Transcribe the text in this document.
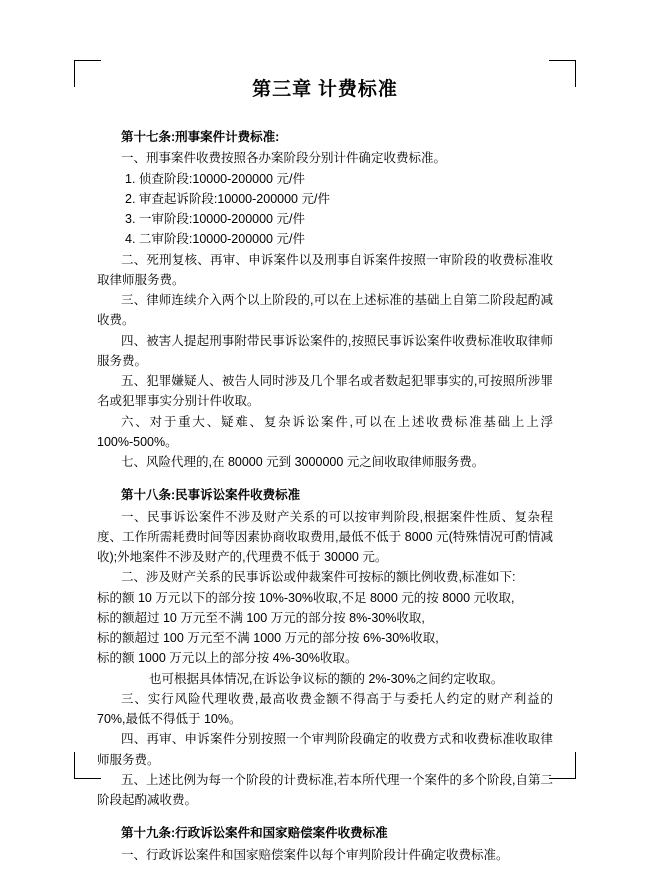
第三章 计费标准
第十七条:刑事案件计费标准:

一、刑事案件收费按照各办案阶段分别计件确定收费标准。

1. 侦查阶段:10000-200000 元/件

2. 审查起诉阶段:10000-200000 元/件

3. 一审阶段:10000-200000 元/件

4. 二审阶段:10000-200000 元/件

二、死刑复核、再审、申诉案件以及刑事自诉案件按照一审阶段的收费标准收取律师服务费。

三、律师连续介入两个以上阶段的,可以在上述标准的基础上自第二阶段起酌减收费。

四、被害人提起刑事附带民事诉讼案件的,按照民事诉讼案件收费标准收取律师服务费。

五、犯罪嫌疑人、被告人同时涉及几个罪名或者数起犯罪事实的,可按照所涉罪名或犯罪事实分别计件收取。

六、对于重大、疑难、复杂诉讼案件,可以在上述收费标准基础上上浮 100%-500%。

七、风险代理的,在 80000 元到 3000000 元之间收取律师服务费。

第十八条:民事诉讼案件收费标准

一、民事诉讼案件不涉及财产关系的可以按审判阶段,根据案件性质、复杂程度、工作所需耗费时间等因素协商收取费用,最低不低于 8000 元(特殊情况可酌情减收);外地案件不涉及财产的,代理费不低于 30000 元。

二、涉及财产关系的民事诉讼或仲裁案件可按标的额比例收费,标准如下:

标的额 10 万元以下的部分按 10%-30%收取,不足 8000 元的按 8000 元收取,

标的额超过 10 万元至不满 100 万元的部分按 8%-30%收取,

标的额超过 100 万元至不满 1000 万元的部分按 6%-30%收取,

标的额 1000 万元以上的部分按 4%-30%收取。

也可根据具体情况,在诉讼争议标的额的 2%-30%之间约定收取。

三、实行风险代理收费,最高收费金额不得高于与委托人约定的财产利益的 70%,最低不得低于 10%。

四、再审、申诉案件分别按照一个审判阶段确定的收费方式和收费标准收取律师服务费。

五、上述比例为每一个阶段的计费标准,若本所代理一个案件的多个阶段,自第二阶段起酌减收费。

第十九条:行政诉讼案件和国家赔偿案件收费标准

一、行政诉讼案件和国家赔偿案件以每个审判阶段计件确定收费标准。
